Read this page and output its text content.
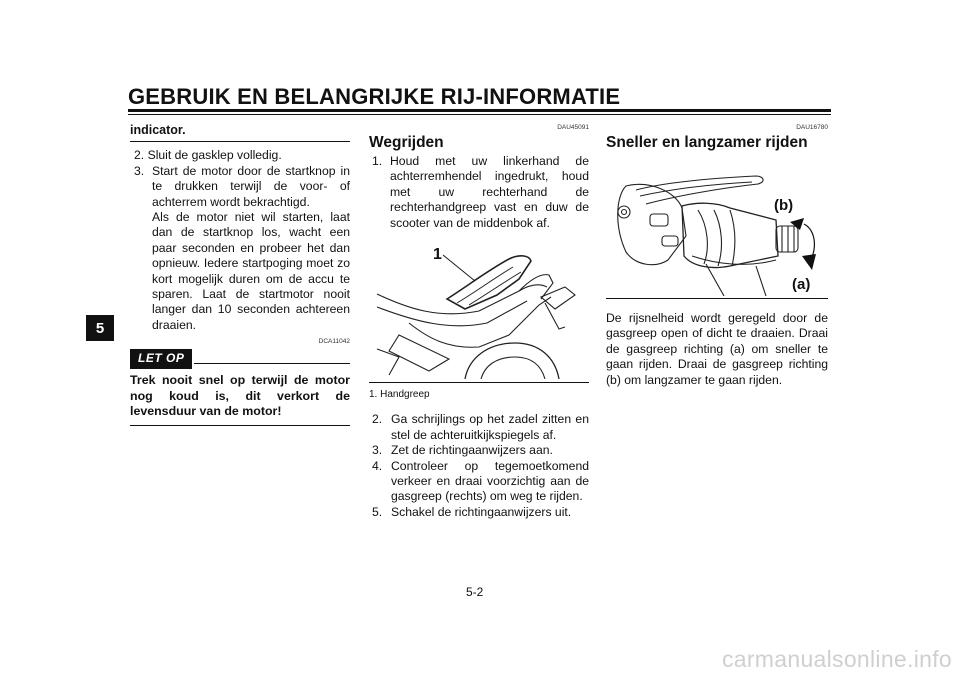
GEBRUIK EN BELANGRIJKE RIJ-INFORMATIE
5
indicator.
2. Sluit de gasklep volledig.
3. Start de motor door de startknop in te drukken terwijl de voor- of achterrem wordt bekrachtigd.
Als de motor niet wil starten, laat dan de startknop los, wacht een paar seconden en probeer het dan opnieuw. Iedere startpoging moet zo kort mogelijk duren om de accu te sparen. Laat de startmotor nooit langer dan 10 seconden achtereen draaien.
DCA11042
LET OP
Trek nooit snel op terwijl de motor nog koud is, dit verkort de levensduur van de motor!
DAU45091
Wegrijden
1. Houd met uw linkerhand de achterremhendel ingedrukt, houd met uw rechterhand de rechterhandgreep vast en duw de scooter van de middenbok af.
1
1. Handgreep
2. Ga schrijlings op het zadel zitten en stel de achteruitkijkspiegels af.
3. Zet de richtingaanwijzers aan.
4. Controleer op tegemoetkomend verkeer en draai voorzichtig aan de gasgreep (rechts) om weg te rijden.
5. Schakel de richtingaanwijzers uit.
DAU16780
Sneller en langzamer rijden
(b)
(a)
De rijsnelheid wordt geregeld door de gasgreep open of dicht te draaien. Draai de gasgreep richting (a) om sneller te gaan rijden. Draai de gasgreep richting (b) om langzamer te gaan rijden.
5-2
carmanualsonline.info
